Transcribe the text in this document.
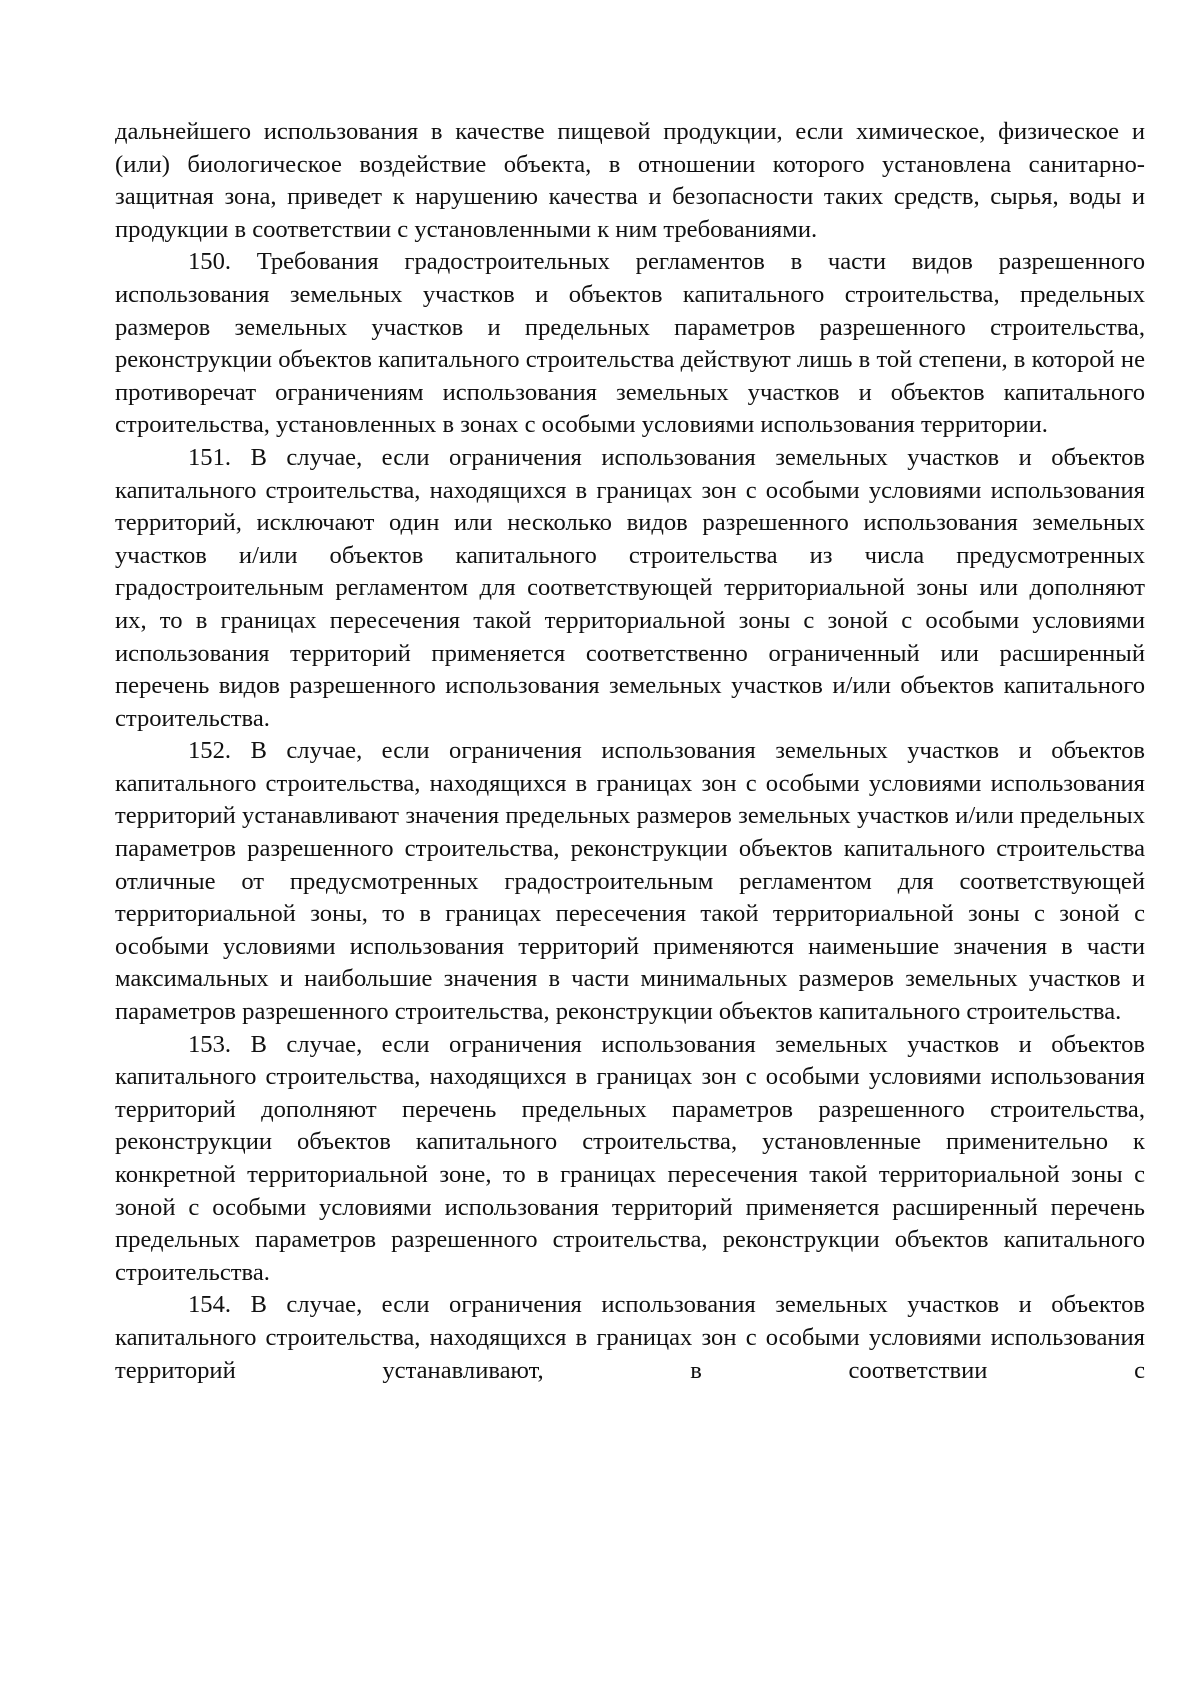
дальнейшего использования в качестве пищевой продукции, если химическое, физическое и (или) биологическое воздействие объекта, в отношении которого установлена санитарно-защитная зона, приведет к нарушению качества и безопасности таких средств, сырья, воды и продукции в соответствии с установленными к ним требованиями.

150. Требования градостроительных регламентов в части видов разрешенного использования земельных участков и объектов капитального строительства, предельных размеров земельных участков и предельных параметров разрешенного строительства, реконструкции объектов капитального строительства действуют лишь в той степени, в которой не противоречат ограничениям использования земельных участков и объектов капитального строительства, установленных в зонах с особыми условиями использования территории.

151. В случае, если ограничения использования земельных участков и объектов капитального строительства, находящихся в границах зон с особыми условиями использования территорий, исключают один или несколько видов разрешенного использования земельных участков и/или объектов капитального строительства из числа предусмотренных градостроительным регламентом для соответствующей территориальной зоны или дополняют их, то в границах пересечения такой территориальной зоны с зоной с особыми условиями использования территорий применяется соответственно ограниченный или расширенный перечень видов разрешенного использования земельных участков и/или объектов капитального строительства.

152. В случае, если ограничения использования земельных участков и объектов капитального строительства, находящихся в границах зон с особыми условиями использования территорий устанавливают значения предельных размеров земельных участков и/или предельных параметров разрешенного строительства, реконструкции объектов капитального строительства отличные от предусмотренных градостроительным регламентом для соответствующей территориальной зоны, то в границах пересечения такой территориальной зоны с зоной с особыми условиями использования территорий применяются наименьшие значения в части максимальных и наибольшие значения в части минимальных размеров земельных участков и параметров разрешенного строительства, реконструкции объектов капитального строительства.

153. В случае, если ограничения использования земельных участков и объектов капитального строительства, находящихся в границах зон с особыми условиями использования территорий дополняют перечень предельных параметров разрешенного строительства, реконструкции объектов капитального строительства, установленные применительно к конкретной территориальной зоне, то в границах пересечения такой территориальной зоны с зоной с особыми условиями использования территорий применяется расширенный перечень предельных параметров разрешенного строительства, реконструкции объектов капитального строительства.

154. В случае, если ограничения использования земельных участков и объектов капитального строительства, находящихся в границах зон с особыми условиями использования территорий устанавливают, в соответствии с
